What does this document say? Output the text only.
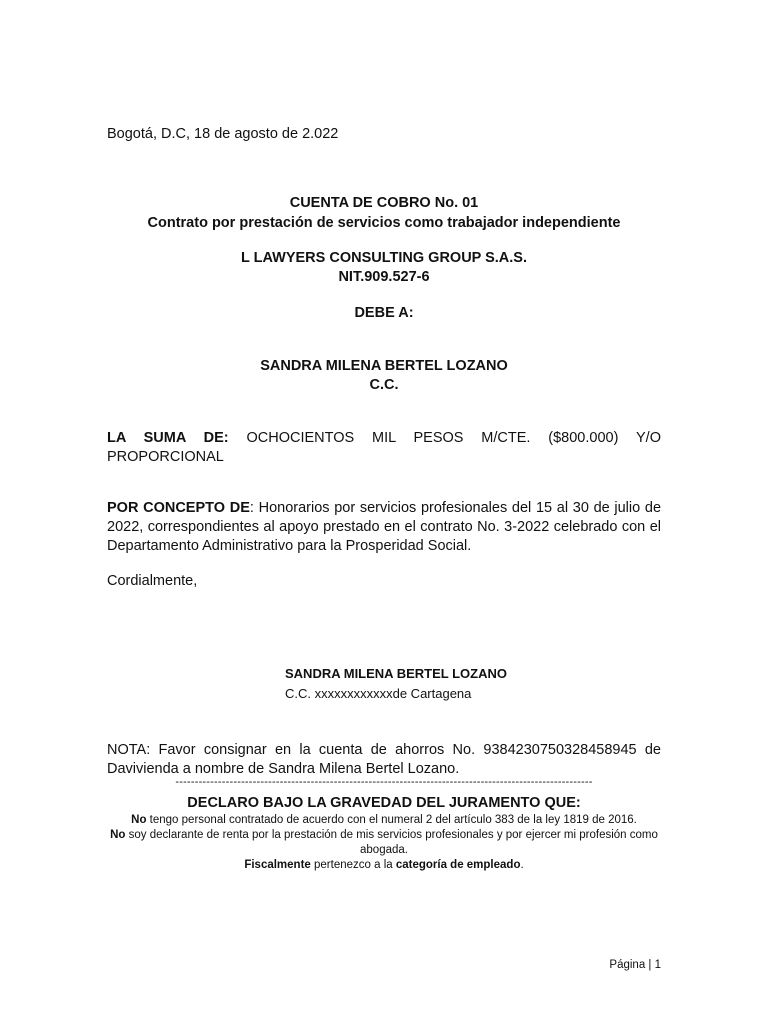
Bogotá, D.C, 18 de agosto de 2.022
CUENTA DE COBRO No. 01
Contrato por prestación de servicios como trabajador independiente
L LAWYERS CONSULTING GROUP S.A.S.
NIT.909.527-6
DEBE A:
SANDRA MILENA BERTEL LOZANO
C.C.
LA SUMA DE: OCHOCIENTOS MIL PESOS M/CTE. ($800.000) Y/O PROPORCIONAL
POR CONCEPTO DE: Honorarios por servicios profesionales del 15 al 30 de julio de 2022, correspondientes al apoyo prestado en el contrato No. 3-2022 celebrado con el Departamento Administrativo para la Prosperidad Social.
Cordialmente,
SANDRA MILENA BERTEL LOZANO
C.C. xxxxxxxxxxxxde Cartagena
NOTA: Favor consignar en la cuenta de ahorros No. 9384230750328458945 de Davivienda a nombre de Sandra Milena Bertel Lozano.
------------------------------------------------------------------------------------------------------------
DECLARO BAJO LA GRAVEDAD DEL JURAMENTO QUE:
No tengo personal contratado de acuerdo con el numeral 2 del artículo 383 de la ley 1819 de 2016.
No soy declarante de renta por la prestación de mis servicios profesionales y por ejercer mi profesión como abogada.
Fiscalmente pertenezco a la categoría de empleado.
Página | 1
